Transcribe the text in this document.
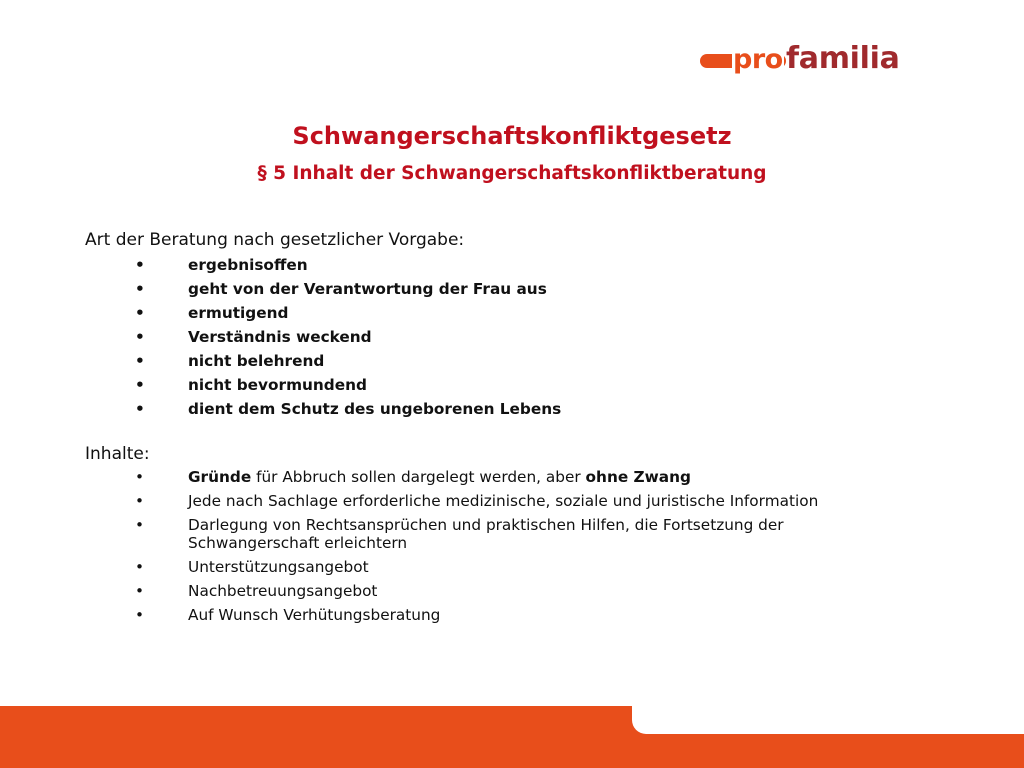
pro familia
Schwangerschaftskonfliktgesetz
§ 5 Inhalt der Schwangerschaftskonfliktberatung
Art der Beratung nach gesetzlicher Vorgabe:
•	ergebnisoffen
•	geht von der Verantwortung der Frau aus
•	ermutigend
•	Verständnis weckend
•	nicht belehrend
•	nicht bevormundend
•	dient dem Schutz des ungeborenen Lebens
Inhalte:
•	Gründe für Abbruch sollen dargelegt werden, aber ohne Zwang
•	Jede nach Sachlage erforderliche medizinische, soziale und juristische Information
•	Darlegung von Rechtsansprüchen und praktischen Hilfen, die Fortsetzung der Schwangerschaft erleichtern
•	Unterstützungsangebot
•	Nachbetreuungsangebot
•	Auf Wunsch Verhütungsberatung
